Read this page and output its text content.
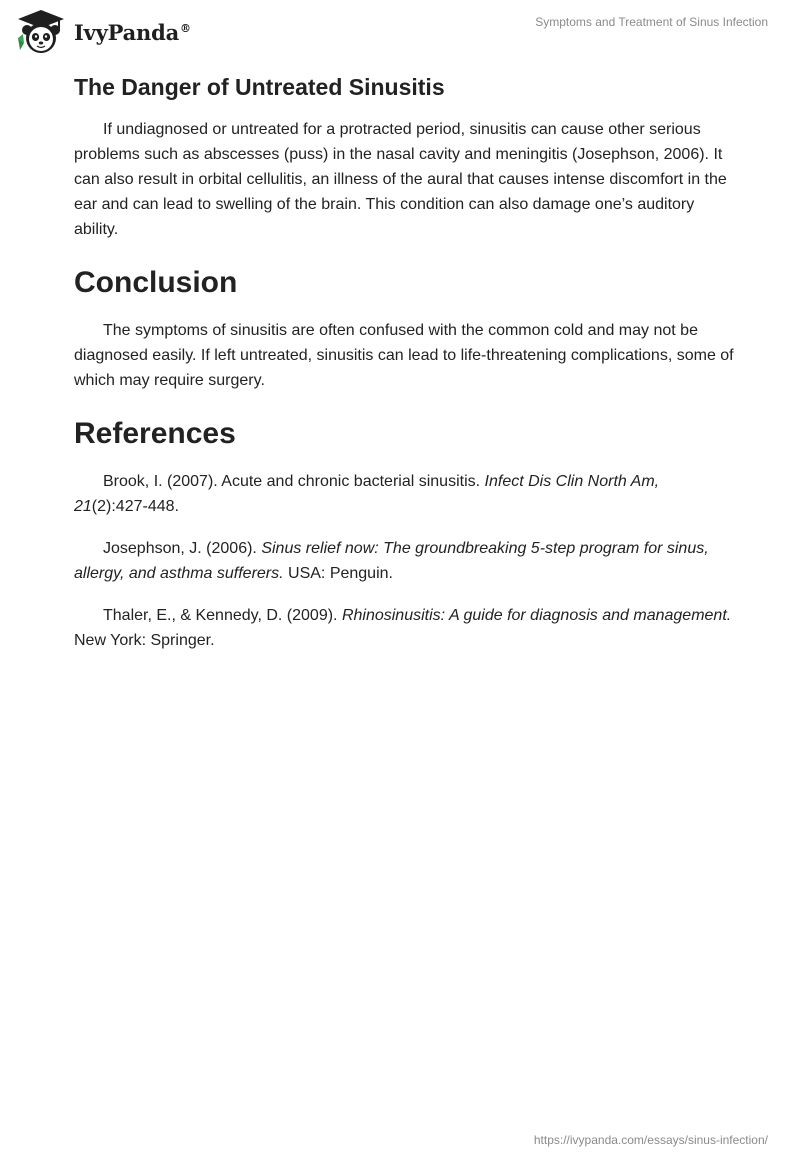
IvyPanda®	Symptoms and Treatment of Sinus Infection
The Danger of Untreated Sinusitis

If undiagnosed or untreated for a protracted period, sinusitis can cause other serious problems such as abscesses (puss) in the nasal cavity and meningitis (Josephson, 2006). It can also result in orbital cellulitis, an illness of the aural that causes intense discomfort in the ear and can lead to swelling of the brain. This condition can also damage one’s auditory ability.

Conclusion

The symptoms of sinusitis are often confused with the common cold and may not be diagnosed easily. If left untreated, sinusitis can lead to life-threatening complications, some of which may require surgery.

References

Brook, I. (2007). Acute and chronic bacterial sinusitis. Infect Dis Clin North Am, 21(2):427-448.

Josephson, J. (2006). Sinus relief now: The groundbreaking 5-step program for sinus, allergy, and asthma sufferers. USA: Penguin.

Thaler, E., & Kennedy, D. (2009). Rhinosinusitis: A guide for diagnosis and management. New York: Springer.

https://ivypanda.com/essays/sinus-infection/
